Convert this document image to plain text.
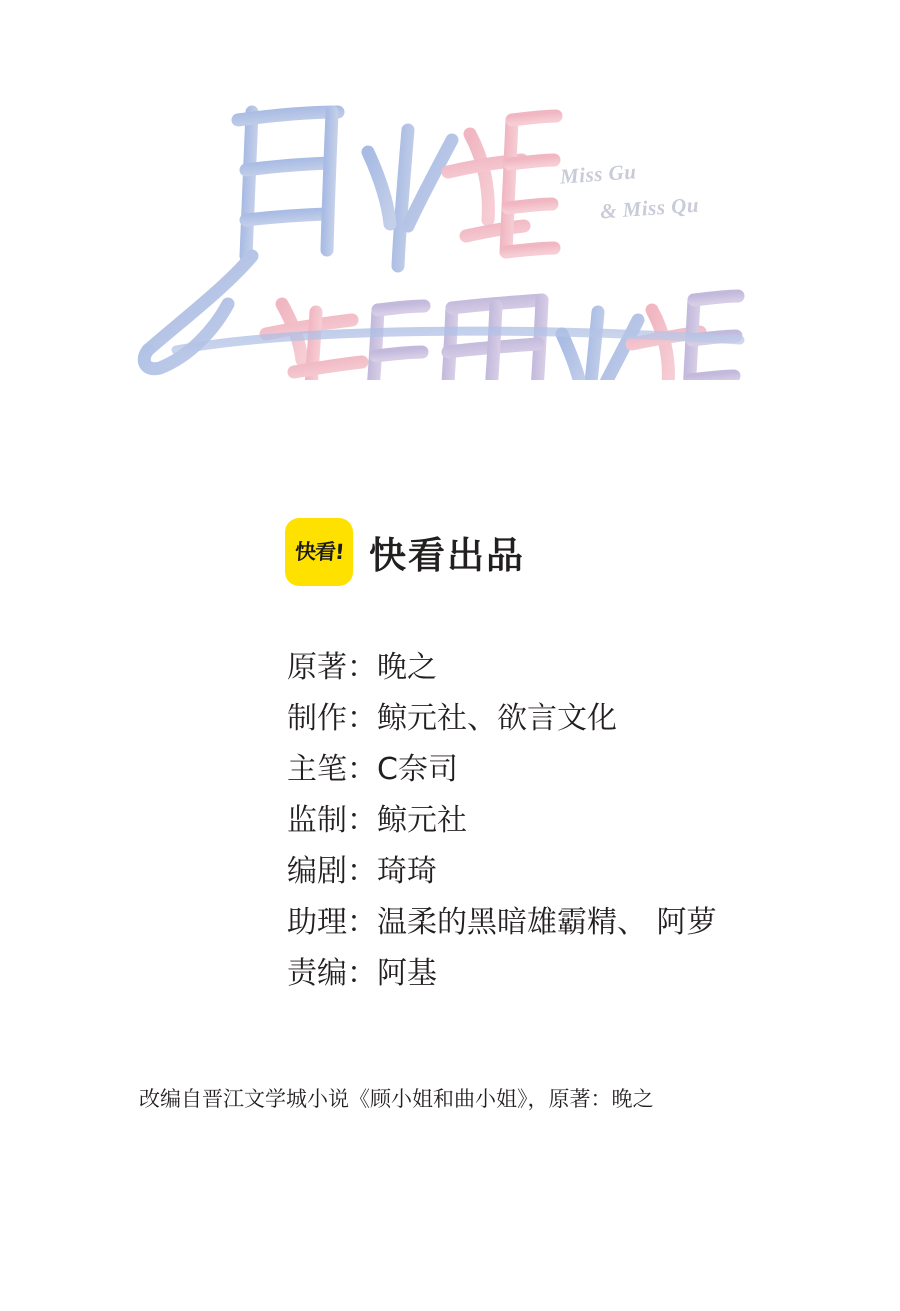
Miss Gu
& Miss Qu
快看! 快看出品
原著：晚之
制作：鲸元社、欲言文化
主笔：C奈司
监制：鲸元社
编剧：琦琦
助理：温柔的黑暗雄霸精、 阿萝
责编：阿基
改编自晋江文学城小说《顾小姐和曲小姐》，原著：晚之
